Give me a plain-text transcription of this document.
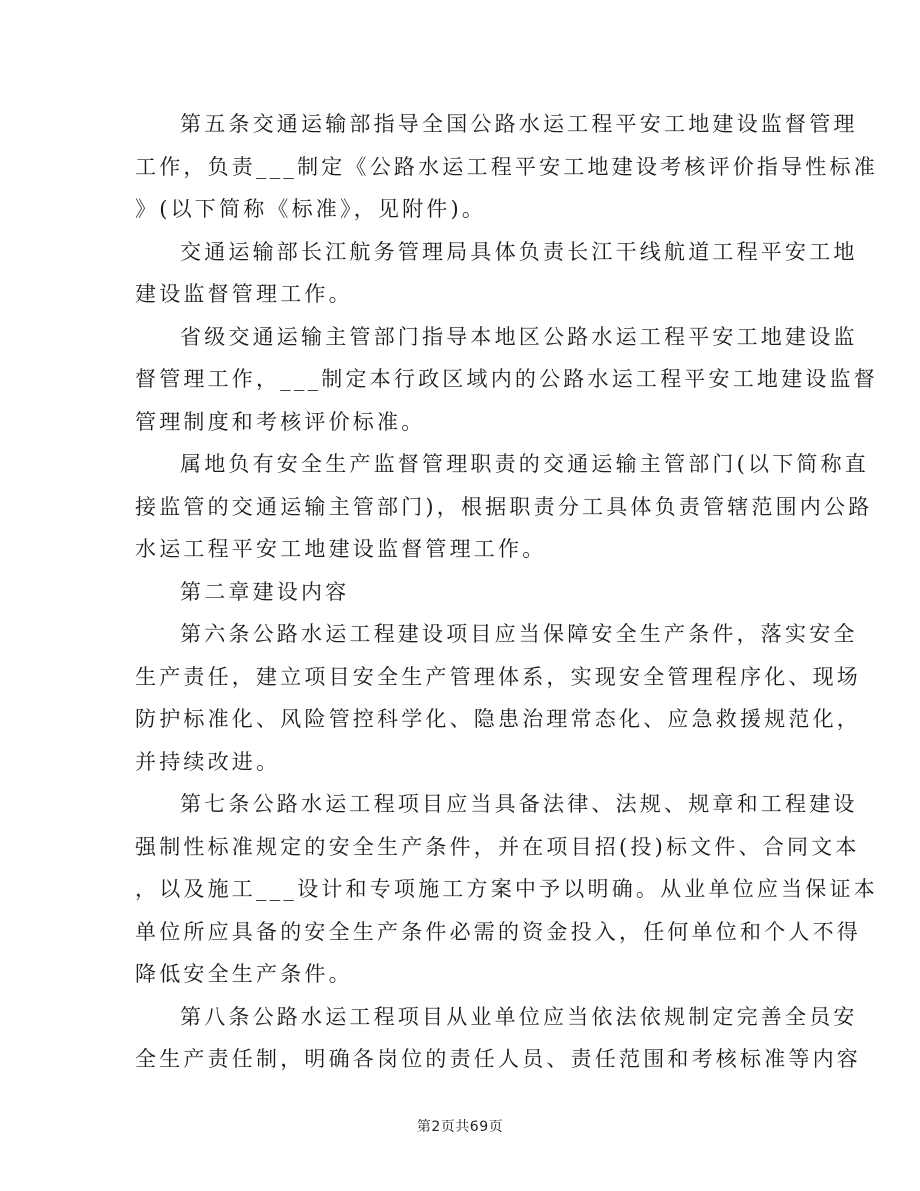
第五条交通运输部指导全国公路水运工程平安工地建设监督管理
工作，负责___制定《公路水运工程平安工地建设考核评价指导性标准
》(以下简称《标准》，见附件)。
交通运输部长江航务管理局具体负责长江干线航道工程平安工地
建设监督管理工作。
省级交通运输主管部门指导本地区公路水运工程平安工地建设监
督管理工作，___制定本行政区域内的公路水运工程平安工地建设监督
管理制度和考核评价标准。
属地负有安全生产监督管理职责的交通运输主管部门(以下简称直
接监管的交通运输主管部门)，根据职责分工具体负责管辖范围内公路
水运工程平安工地建设监督管理工作。
第二章建设内容
第六条公路水运工程建设项目应当保障安全生产条件，落实安全
生产责任，建立项目安全生产管理体系，实现安全管理程序化、现场
防护标准化、风险管控科学化、隐患治理常态化、应急救援规范化，
并持续改进。
第七条公路水运工程项目应当具备法律、法规、规章和工程建设
强制性标准规定的安全生产条件，并在项目招(投)标文件、合同文本
，以及施工___设计和专项施工方案中予以明确。从业单位应当保证本
单位所应具备的安全生产条件必需的资金投入，任何单位和个人不得
降低安全生产条件。
第八条公路水运工程项目从业单位应当依法依规制定完善全员安
全生产责任制，明确各岗位的责任人员、责任范围和考核标准等内容
第2页共69页
